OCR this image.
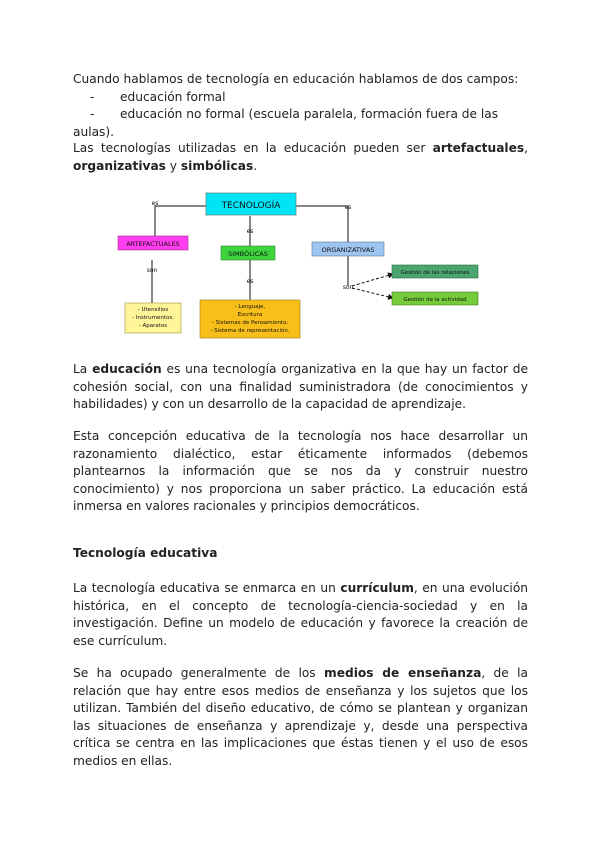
Cuando hablamos de tecnología en educación hablamos de dos campos:
- educación formal
- educación no formal (escuela paralela, formación fuera de las aulas).
Las tecnologías utilizadas en la educación pueden ser artefactuales, organizativas y simbólicas.
es
es
es
son
es
son
TECNOLOGÍA
ARTEFACTUALES
SIMBÓLICAS	ORGANIZATIVAS
- Utensilios
- Instrumentos.
- Aparatos
- Lenguaje,
Escritura
- Sistemas de Pensamiento.
- Sistema de representación.
Gestión de las relaciones
Gestión de la actividad
La educación es una tecnología organizativa en la que hay un factor de cohesión social, con una finalidad suministradora (de conocimientos y habilidades) y con un desarrollo de la capacidad de aprendizaje.
Esta concepción educativa de la tecnología nos hace desarrollar un razonamiento dialéctico, estar éticamente informados (debemos plantearnos la información que se nos da y construir nuestro conocimiento) y nos proporciona un saber práctico. La educación está inmersa en valores racionales y principios democráticos.
Tecnología educativa
La tecnología educativa se enmarca en un currículum, en una evolución histórica, en el concepto de tecnología-ciencia-sociedad y en la investigación. Define un modelo de educación y favorece la creación de ese currículum.
Se ha ocupado generalmente de los medios de enseñanza, de la relación que hay entre esos medios de enseñanza y los sujetos que los utilizan. También del diseño educativo, de cómo se plantean y organizan las situaciones de enseñanza y aprendizaje y, desde una perspectiva crítica se centra en las implicaciones que éstas tienen y el uso de esos medios en ellas.
